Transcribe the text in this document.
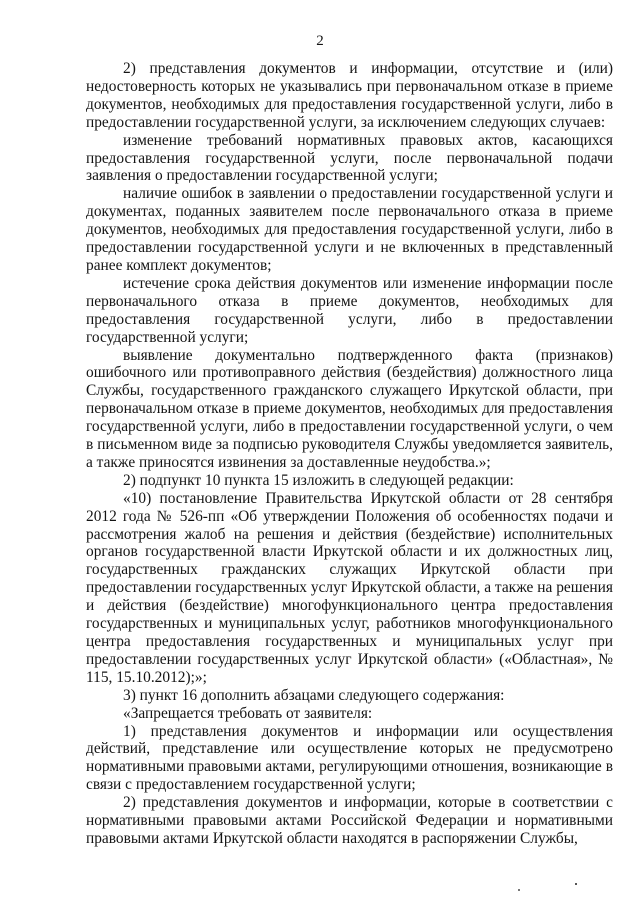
2

2) представления документов и информации, отсутствие и (или) недостоверность которых не указывались при первоначальном отказе в приеме документов, необходимых для предоставления государственной услуги, либо в предоставлении государственной услуги, за исключением следующих случаев:

изменение требований нормативных правовых актов, касающихся предоставления государственной услуги, после первоначальной подачи заявления о предоставлении государственной услуги;

наличие ошибок в заявлении о предоставлении государственной услуги и документах, поданных заявителем после первоначального отказа в приеме документов, необходимых для предоставления государственной услуги, либо в предоставлении государственной услуги и не включенных в представленный ранее комплект документов;

истечение срока действия документов или изменение информации после первоначального отказа в приеме документов, необходимых для предоставления государственной услуги, либо в предоставлении государственной услуги;

выявление документально подтвержденного факта (признаков) ошибочного или противоправного действия (бездействия) должностного лица Службы, государственного гражданского служащего Иркутской области, при первоначальном отказе в приеме документов, необходимых для предоставления государственной услуги, либо в предоставлении государственной услуги, о чем в письменном виде за подписью руководителя Службы уведомляется заявитель, а также приносятся извинения за доставленные неудобства.»;

2) подпункт 10 пункта 15 изложить в следующей редакции:

«10) постановление Правительства Иркутской области от 28 сентября 2012 года № 526-пп «Об утверждении Положения об особенностях подачи и рассмотрения жалоб на решения и действия (бездействие) исполнительных органов государственной власти Иркутской области и их должностных лиц, государственных гражданских служащих Иркутской области при предоставлении государственных услуг Иркутской области, а также на решения и действия (бездействие) многофункционального центра предоставления государственных и муниципальных услуг, работников многофункционального центра предоставления государственных и муниципальных услуг при предоставлении государственных услуг Иркутской области» («Областная», № 115, 15.10.2012);»;

3) пункт 16 дополнить абзацами следующего содержания:

«Запрещается требовать от заявителя:

1) представления документов и информации или осуществления действий, представление или осуществление которых не предусмотрено нормативными правовыми актами, регулирующими отношения, возникающие в связи с предоставлением государственной услуги;

2) представления документов и информации, которые в соответствии с нормативными правовыми актами Российской Федерации и нормативными правовыми актами Иркутской области находятся в распоряжении Службы,
